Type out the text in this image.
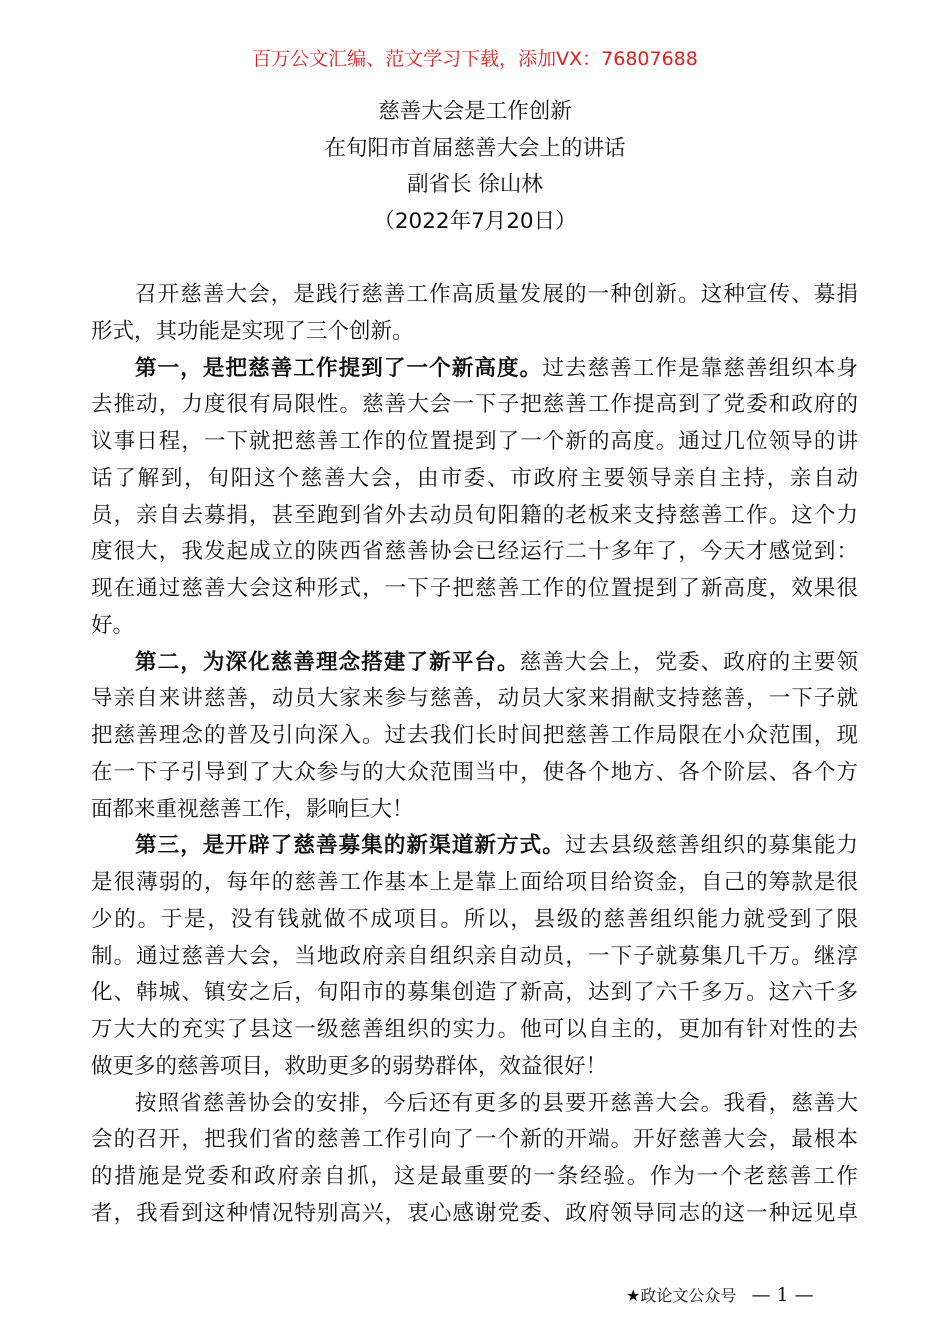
百万公文汇编、范文学习下载，添加VX：76807688
慈善大会是工作创新
在旬阳市首届慈善大会上的讲话
副省长 徐山林
（2022年7月20日）
召开慈善大会，是践行慈善工作高质量发展的一种创新。这种宣传、募捐
形式，其功能是实现了三个创新。
第一，是把慈善工作提到了一个新高度。过去慈善工作是靠慈善组织本身
去推动，力度很有局限性。慈善大会一下子把慈善工作提高到了党委和政府的
议事日程，一下就把慈善工作的位置提到了一个新的高度。通过几位领导的讲
话了解到，旬阳这个慈善大会，由市委、市政府主要领导亲自主持，亲自动
员，亲自去募捐，甚至跑到省外去动员旬阳籍的老板来支持慈善工作。这个力
度很大，我发起成立的陕西省慈善协会已经运行二十多年了，今天才感觉到：
现在通过慈善大会这种形式，一下子把慈善工作的位置提到了新高度，效果很
好。
第二，为深化慈善理念搭建了新平台。慈善大会上，党委、政府的主要领
导亲自来讲慈善，动员大家来参与慈善，动员大家来捐献支持慈善，一下子就
把慈善理念的普及引向深入。过去我们长时间把慈善工作局限在小众范围，现
在一下子引导到了大众参与的大众范围当中，使各个地方、各个阶层、各个方
面都来重视慈善工作，影响巨大！
第三，是开辟了慈善募集的新渠道新方式。过去县级慈善组织的募集能力
是很薄弱的，每年的慈善工作基本上是靠上面给项目给资金，自己的筹款是很
少的。于是，没有钱就做不成项目。所以，县级的慈善组织能力就受到了限
制。通过慈善大会，当地政府亲自组织亲自动员，一下子就募集几千万。继淳
化、韩城、镇安之后，旬阳市的募集创造了新高，达到了六千多万。这六千多
万大大的充实了县这一级慈善组织的实力。他可以自主的，更加有针对性的去
做更多的慈善项目，救助更多的弱势群体，效益很好！
按照省慈善协会的安排，今后还有更多的县要开慈善大会。我看，慈善大
会的召开，把我们省的慈善工作引向了一个新的开端。开好慈善大会，最根本
的措施是党委和政府亲自抓，这是最重要的一条经验。作为一个老慈善工作
者，我看到这种情况特别高兴，衷心感谢党委、政府领导同志的这一种远见卓
★政论文公众号 — 1 —
